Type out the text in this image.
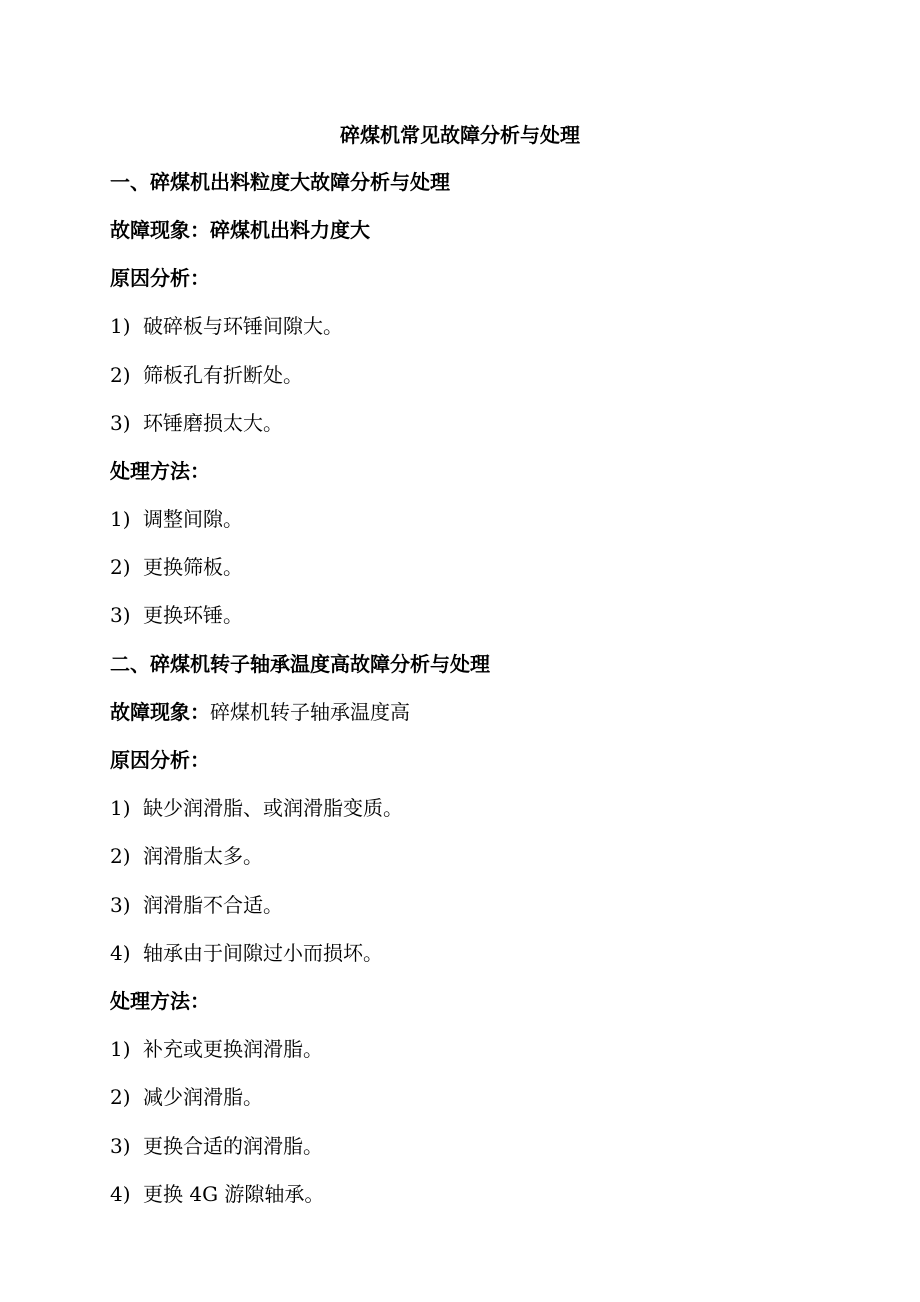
碎煤机常见故障分析与处理

一、碎煤机出料粒度大故障分析与处理

故障现象：碎煤机出料力度大

原因分析：

1) 破碎板与环锤间隙大。

2) 筛板孔有折断处。

3) 环锤磨损太大。

处理方法：

1) 调整间隙。

2) 更换筛板。

3) 更换环锤。

二、碎煤机转子轴承温度高故障分析与处理

故障现象：碎煤机转子轴承温度高

原因分析：

1) 缺少润滑脂、或润滑脂变质。

2) 润滑脂太多。

3) 润滑脂不合适。

4) 轴承由于间隙过小而损坏。

处理方法：

1) 补充或更换润滑脂。

2) 减少润滑脂。

3) 更换合适的润滑脂。

4) 更换 4G 游隙轴承。
